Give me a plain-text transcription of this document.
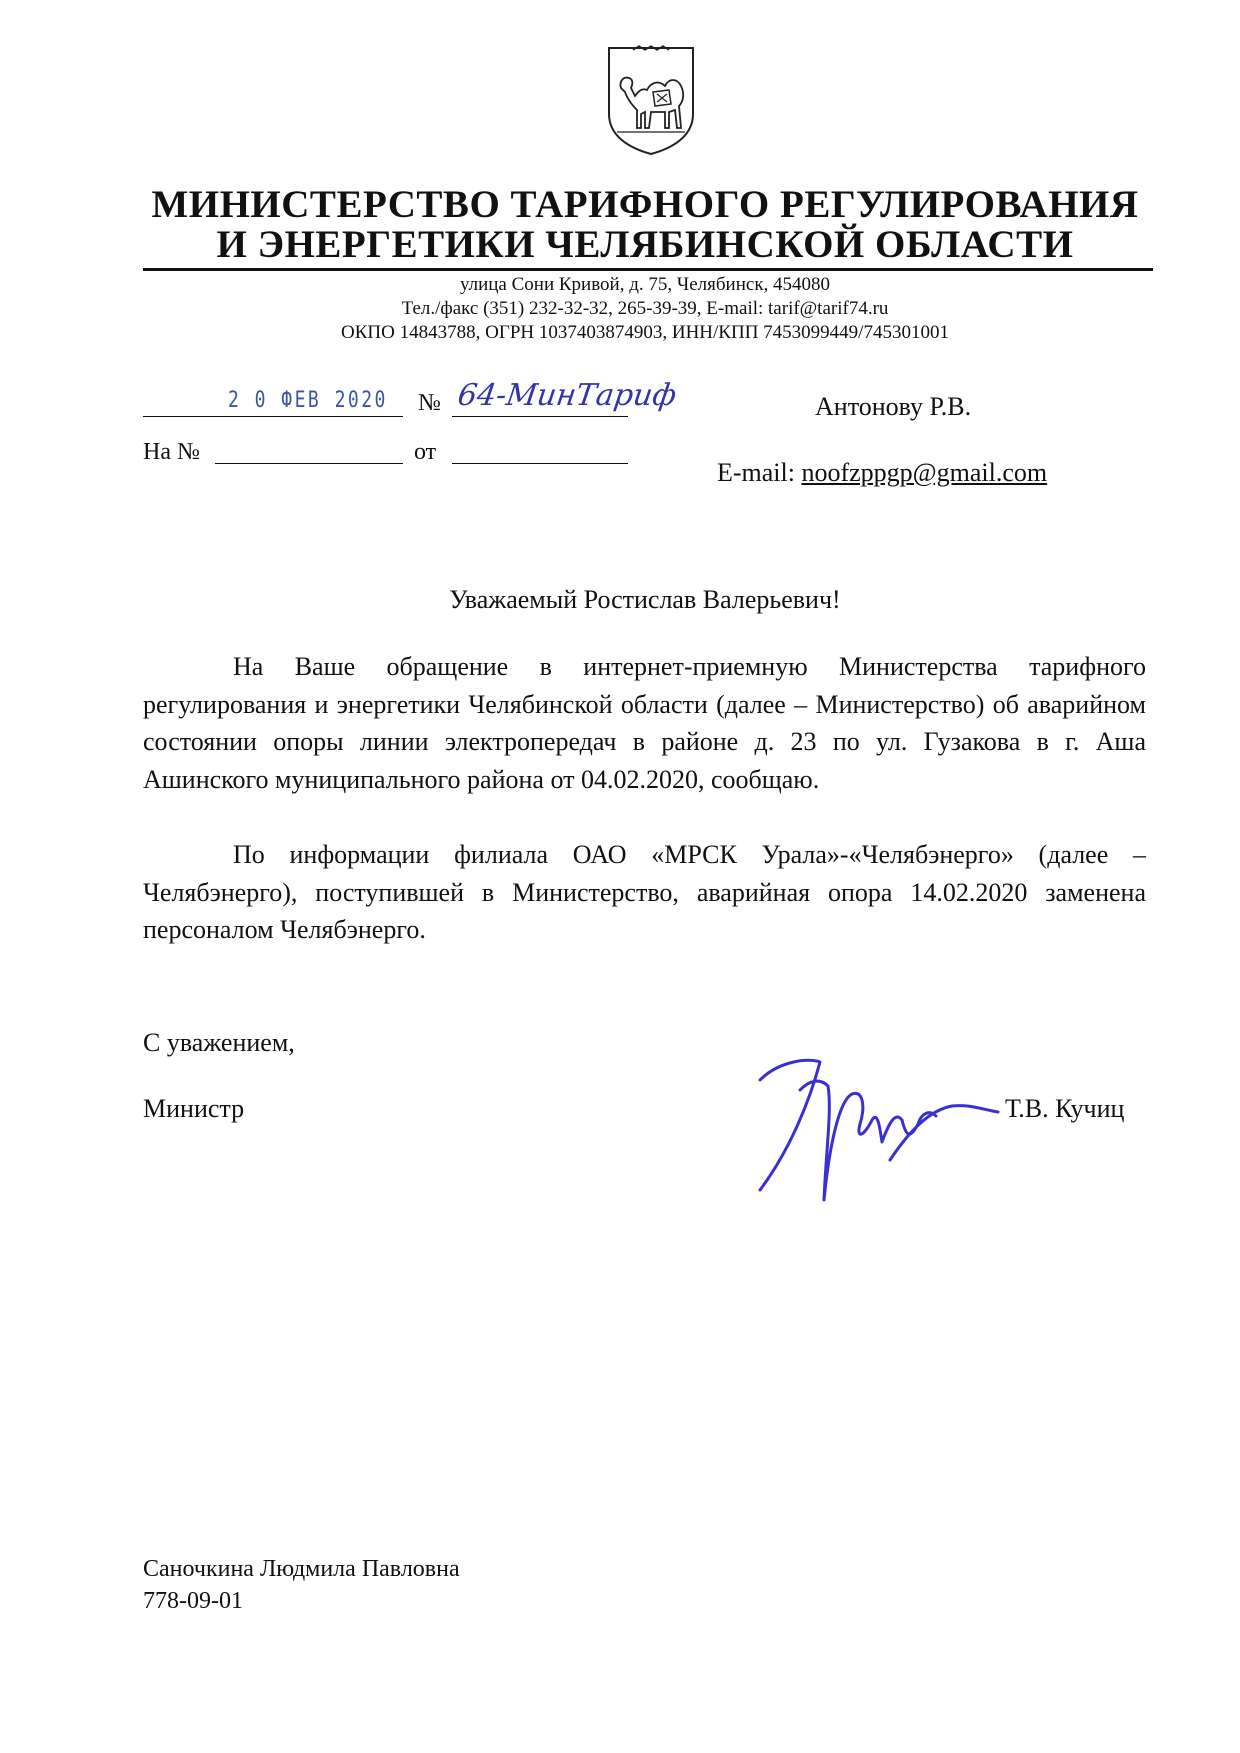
МИНИСТЕРСТВО ТАРИФНОГО РЕГУЛИРОВАНИЯ
И ЭНЕРГЕТИКИ ЧЕЛЯБИНСКОЙ ОБЛАСТИ
улица Сони Кривой, д. 75, Челябинск, 454080
Тел./факс (351) 232-32-32, 265-39-39, E-mail: tarif@tarif74.ru
ОКПО 14843788, ОГРН 1037403874903, ИНН/КПП 7453099449/745301001
2 0 ФЕВ 2020 № 64-МинТариф
На №	от
Антонову Р.В.
E-mail: noofzppgp@gmail.com
Уважаемый Ростислав Валерьевич!
На Ваше обращение в интернет-приемную Министерства тарифного регулирования и энергетики Челябинской области (далее – Министерство) об аварийном состоянии опоры линии электропередач в районе д. 23 по ул. Гузакова в г. Аша Ашинского муниципального района от 04.02.2020, сообщаю.
По информации филиала ОАО «МРСК Урала»-«Челябэнерго» (далее – Челябэнерго), поступившей в Министерство, аварийная опора 14.02.2020 заменена персоналом Челябэнерго.
С уважением,
Министр	Т.В. Кучиц
Саночкина Людмила Павловна
778-09-01
